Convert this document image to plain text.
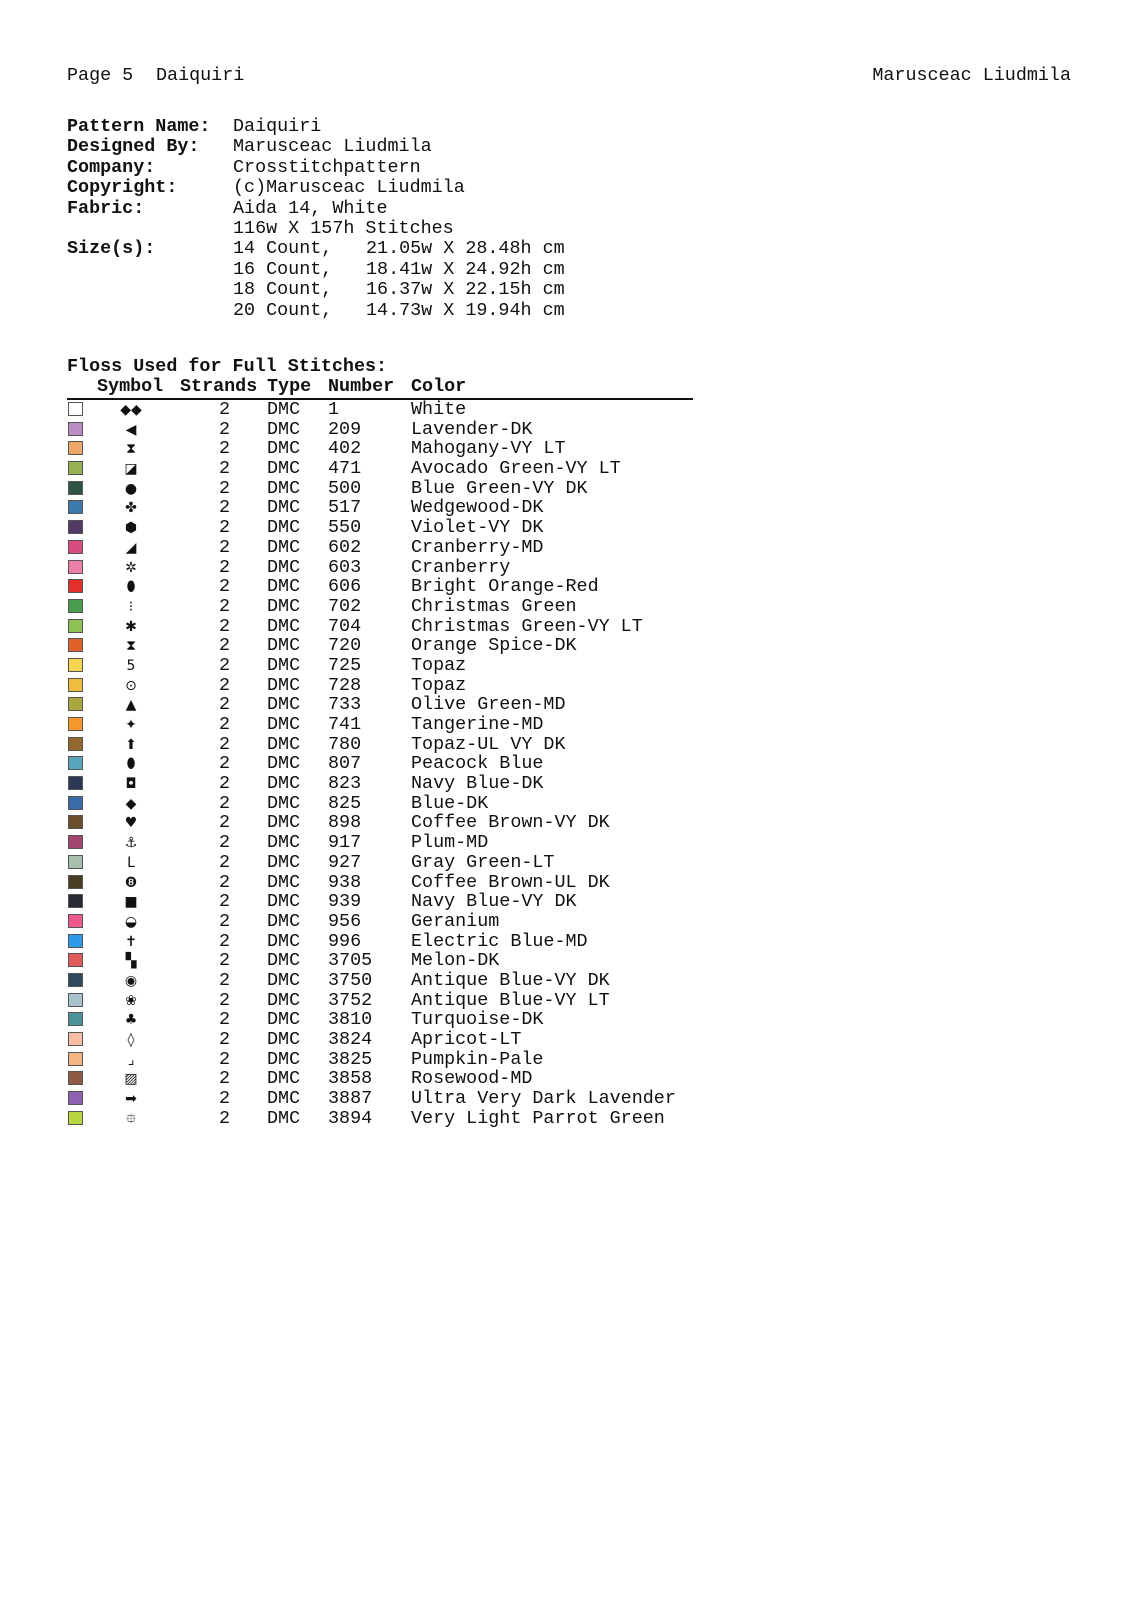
Page 5 Daiquiri	Marusceac Liudmila
Pattern Name: Daiquiri
Designed By: Marusceac Liudmila
Company:	Crosstitchpattern
Copyright:	(c)Marusceac Liudmila
Fabric:	Aida 14, White
116w X 157h Stitches
Size(s):	14 Count, 21.05w X 28.48h cm
16 Count, 18.41w X 24.92h cm
18 Count, 16.37w X 22.15h cm
20 Count, 14.73w X 19.94h cm
Floss Used for Full Stitches:
Symbol Strands Type Number Color
◆◆	2 DMC 1	White
◀	2 DMC 209	Lavender-DK
⧗	2 DMC 402	Mahogany-VY LT
◪	2 DMC 471	Avocado Green-VY LT
●	2 DMC 500	Blue Green-VY DK
✤	2 DMC 517	Wedgewood-DK
⬢	2 DMC 550	Violet-VY DK
◢	2 DMC 602	Cranberry-MD
✲	2 DMC 603	Cranberry
⬮	2 DMC 606	Bright Orange-Red
⁝	2 DMC 702	Christmas Green
✱	2 DMC 704	Christmas Green-VY LT
⧗	2 DMC 720	Orange Spice-DK
5	2 DMC 725	Topaz
⊙	2 DMC 728	Topaz
▲	2 DMC 733	Olive Green-MD
✦	2 DMC 741	Tangerine-MD
⬆	2 DMC 780	Topaz-UL VY DK
⬮	2 DMC 807	Peacock Blue
◘	2 DMC 823	Navy Blue-DK
◆	2 DMC 825	Blue-DK
♥	2 DMC 898	Coffee Brown-VY DK
⚓	2 DMC 917	Plum-MD
L	2 DMC 927	Gray Green-LT
❽	2 DMC 938	Coffee Brown-UL DK
■	2 DMC 939	Navy Blue-VY DK
◒	2 DMC 956	Geranium
✝	2 DMC 996	Electric Blue-MD
▚	2 DMC 3705 Melon-DK
◉	2 DMC 3750 Antique Blue-VY DK
❀	2 DMC 3752 Antique Blue-VY LT
♣	2 DMC 3810 Turquoise-DK
◊	2 DMC 3824 Apricot-LT
⌟	2 DMC 3825 Pumpkin-Pale
▨	2 DMC 3858 Rosewood-MD
➡	2 DMC 3887 Ultra Very Dark Lavender
⯐	2 DMC 3894 Very Light Parrot Green
